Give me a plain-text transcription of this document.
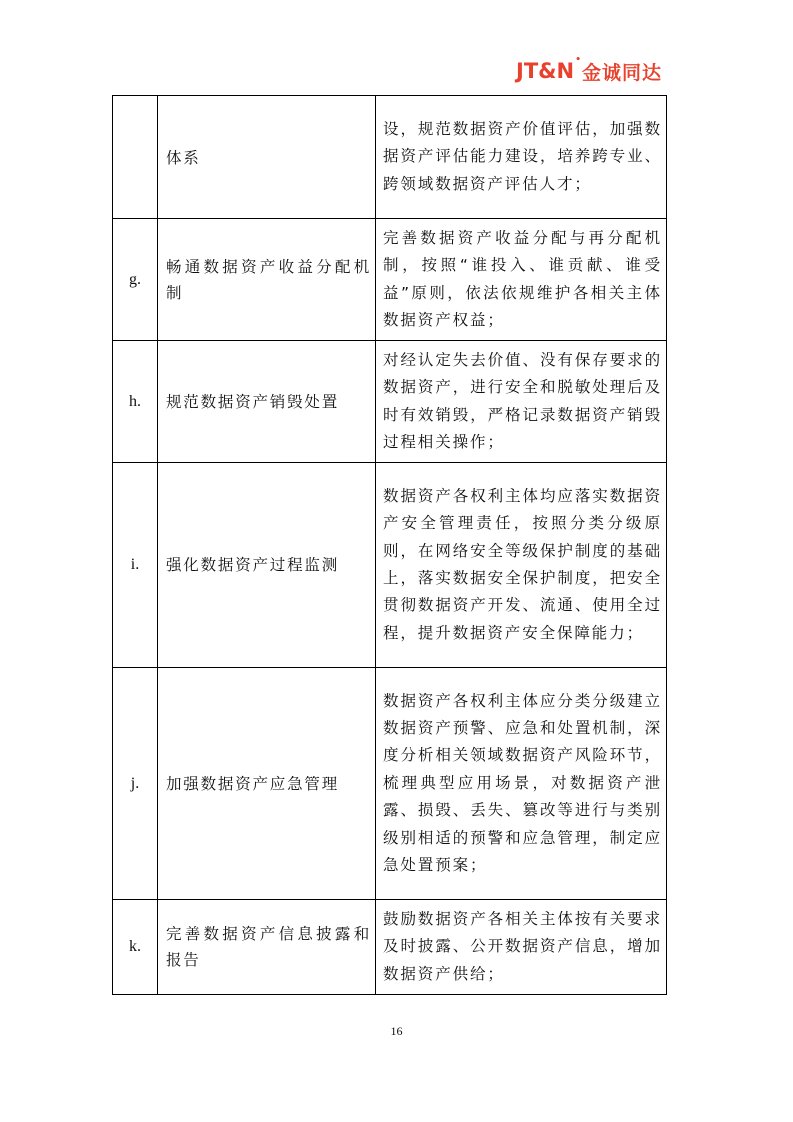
JT&N •
金诚同达

	体系	设，规范数据资产价值评估，加强数据资产评估能力建设，培养跨专业、跨领域数据资产评估人才；

g.	畅通数据资产收益分配机制	完善数据资产收益分配与再分配机制，按照“谁投入、谁贡献、谁受益”原则，依法依规维护各相关主体数据资产权益；

h.	规范数据资产销毁处置	对经认定失去价值、没有保存要求的数据资产，进行安全和脱敏处理后及时有效销毁，严格记录数据资产销毁过程相关操作；

i.	强化数据资产过程监测	数据资产各权利主体均应落实数据资产安全管理责任，按照分类分级原则，在网络安全等级保护制度的基础上，落实数据安全保护制度，把安全贯彻数据资产开发、流通、使用全过程，提升数据资产安全保障能力；

j.	加强数据资产应急管理	数据资产各权利主体应分类分级建立数据资产预警、应急和处置机制，深度分析相关领域数据资产风险环节，梳理典型应用场景，对数据资产泄露、损毁、丢失、篡改等进行与类别级别相适的预警和应急管理，制定应急处置预案；

k.	完善数据资产信息披露和报告	鼓励数据资产各相关主体按有关要求及时披露、公开数据资产信息，增加数据资产供给；
16
